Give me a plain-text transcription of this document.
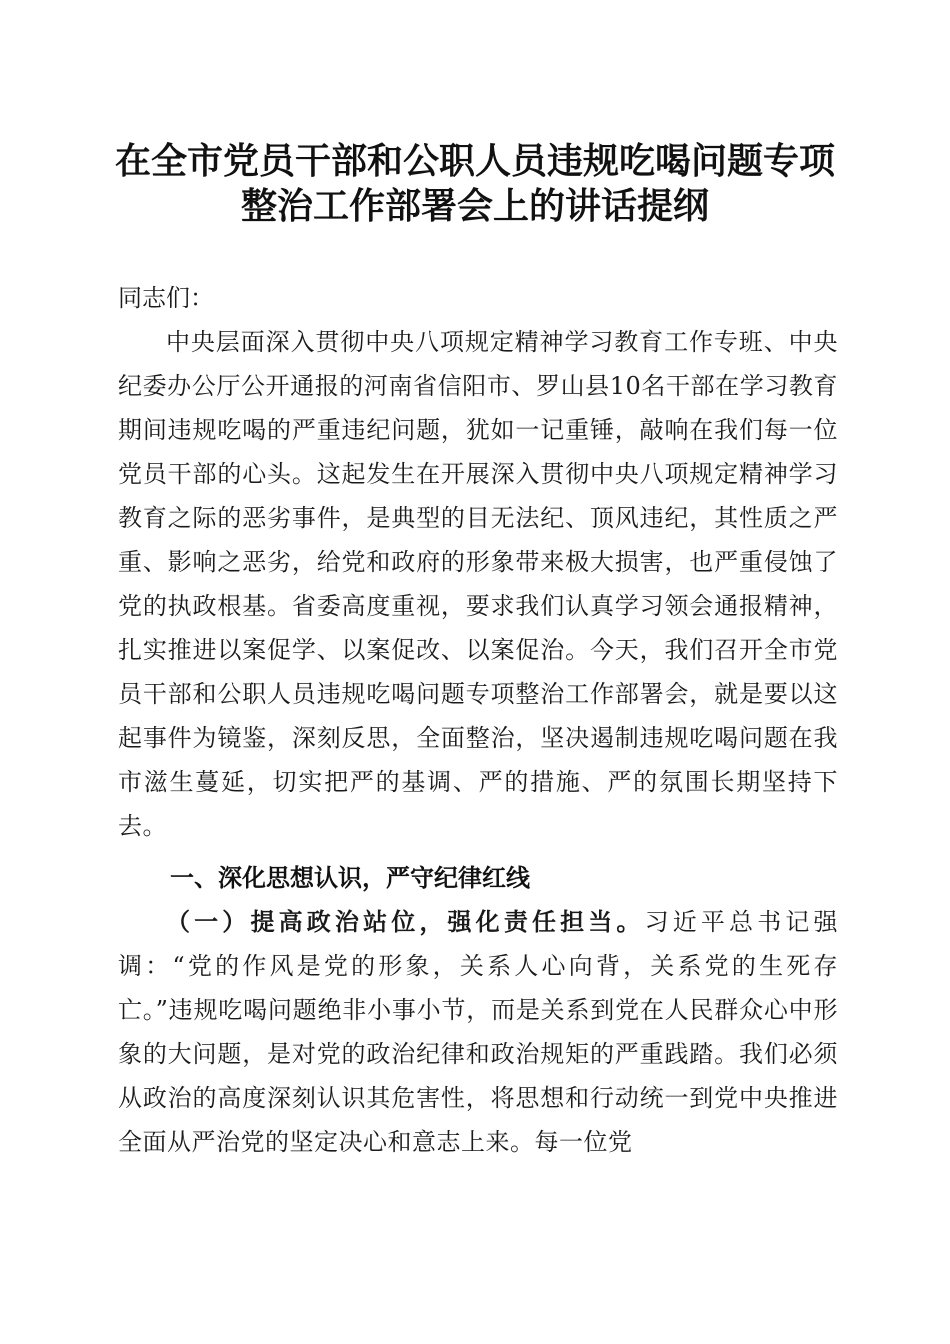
在全市党员干部和公职人员违规吃喝问题专项
整治工作部署会上的讲话提纲
同志们：
中央层面深入贯彻中央八项规定精神学习教育工作专班、中央纪委办公厅公开通报的河南省信阳市、罗山县10名干部在学习教育期间违规吃喝的严重违纪问题，犹如一记重锤，敲响在我们每一位党员干部的心头。这起发生在开展深入贯彻中央八项规定精神学习教育之际的恶劣事件，是典型的目无法纪、顶风违纪，其性质之严重、影响之恶劣，给党和政府的形象带来极大损害，也严重侵蚀了党的执政根基。省委高度重视，要求我们认真学习领会通报精神，扎实推进以案促学、以案促改、以案促治。今天，我们召开全市党员干部和公职人员违规吃喝问题专项整治工作部署会，就是要以这起事件为镜鉴，深刻反思，全面整治，坚决遏制违规吃喝问题在我市滋生蔓延，切实把严的基调、严的措施、严的氛围长期坚持下去。
一、深化思想认识，严守纪律红线
（一）提高政治站位，强化责任担当。习近平总书记强调：“党的作风是党的形象，关系人心向背，关系党的生死存亡。”违规吃喝问题绝非小事小节，而是关系到党在人民群众心中形象的大问题，是对党的政治纪律和政治规矩的严重践踏。我们必须从政治的高度深刻认识其危害性，将思想和行动统一到党中央推进全面从严治党的坚定决心和意志上来。每一位党
